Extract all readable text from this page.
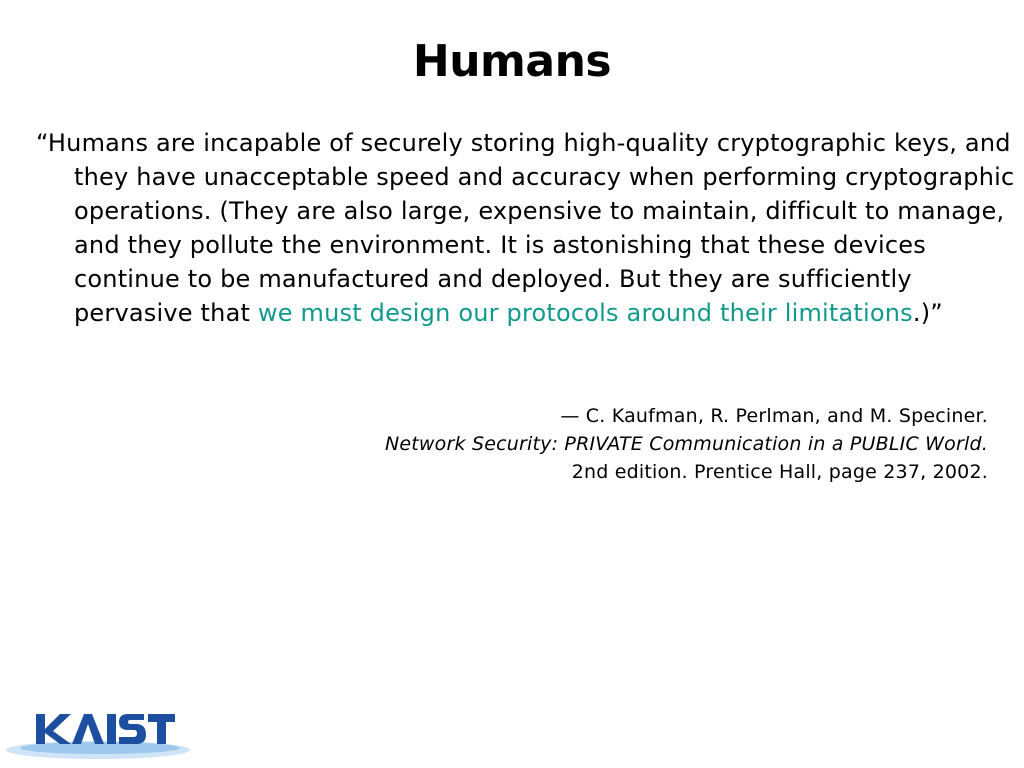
Humans

“Humans are incapable of securely storing high-quality cryptographic keys, and they have unacceptable speed and accuracy when performing cryptographic operations. (They are also large, expensive to maintain, difficult to manage, and they pollute the environment. It is astonishing that these devices continue to be manufactured and deployed. But they are sufficiently pervasive that we must design our protocols around their limitations.)”

— C. Kaufman, R. Perlman, and M. Speciner.
Network Security: PRIVATE Communication in a PUBLIC World.
2nd edition. Prentice Hall, page 237, 2002.
